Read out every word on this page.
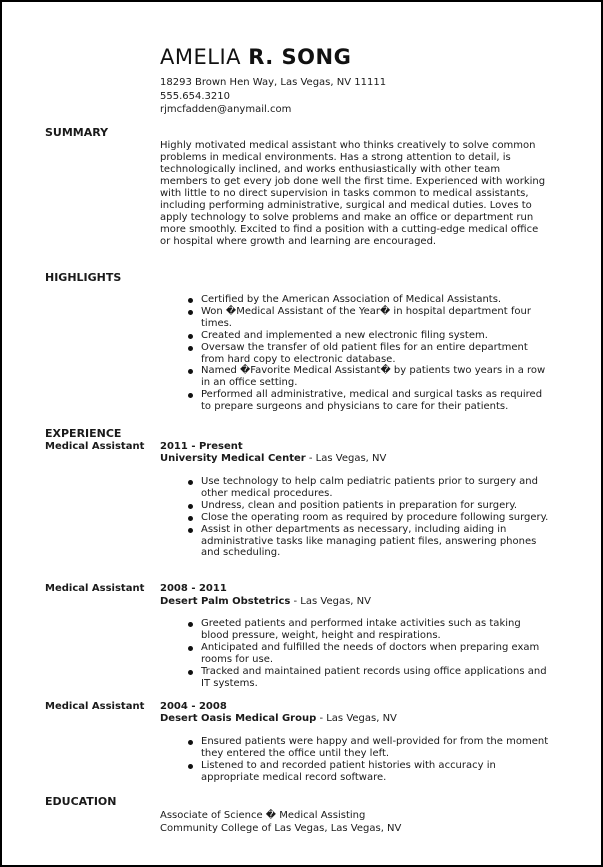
AMELIA R. SONG
18293 Brown Hen Way, Las Vegas, NV 11111
555.654.3210
rjmcfadden@anymail.com
SUMMARY
Highly motivated medical assistant who thinks creatively to solve common problems in medical environments. Has a strong attention to detail, is technologically inclined, and works enthusiastically with other team members to get every job done well the first time. Experienced with working with little to no direct supervision in tasks common to medical assistants, including performing administrative, surgical and medical duties. Loves to apply technology to solve problems and make an office or department run more smoothly. Excited to find a position with a cutting-edge medical office or hospital where growth and learning are encouraged.
HIGHLIGHTS
Certified by the American Association of Medical Assistants.
Won �Medical Assistant of the Year� in hospital department four times.
Created and implemented a new electronic filing system.
Oversaw the transfer of old patient files for an entire department from hard copy to electronic database.
Named �Favorite Medical Assistant� by patients two years in a row in an office setting.
Performed all administrative, medical and surgical tasks as required to prepare surgeons and physicians to care for their patients.
EXPERIENCE
Medical Assistant 2011 - Present
University Medical Center - Las Vegas, NV
Use technology to help calm pediatric patients prior to surgery and other medical procedures.
Undress, clean and position patients in preparation for surgery.
Close the operating room as required by procedure following surgery.
Assist in other departments as necessary, including aiding in administrative tasks like managing patient files, answering phones and scheduling.
Medical Assistant 2008 - 2011
Desert Palm Obstetrics - Las Vegas, NV
Greeted patients and performed intake activities such as taking blood pressure, weight, height and respirations.
Anticipated and fulfilled the needs of doctors when preparing exam rooms for use.
Tracked and maintained patient records using office applications and IT systems.
Medical Assistant 2004 - 2008
Desert Oasis Medical Group - Las Vegas, NV
Ensured patients were happy and well-provided for from the moment they entered the office until they left.
Listened to and recorded patient histories with accuracy in appropriate medical record software.
EDUCATION
Associate of Science � Medical Assisting
Community College of Las Vegas, Las Vegas, NV
